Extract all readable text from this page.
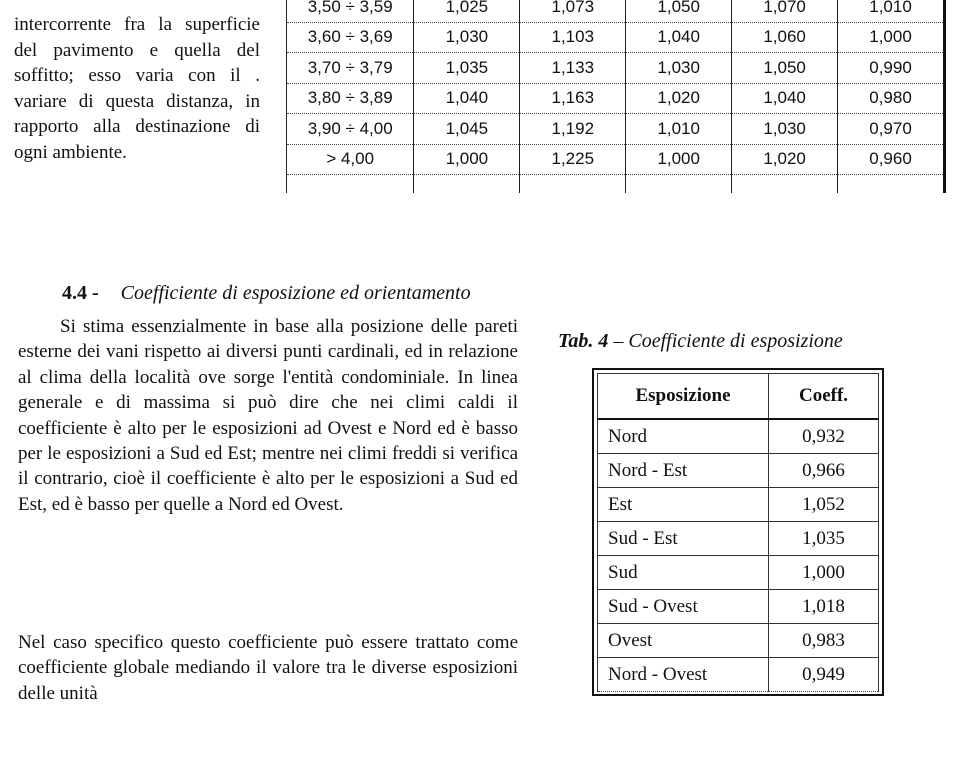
intercorrente fra la superficie del pavimento e quella del soffitto; esso varia con il . variare di questa distanza, in rapporto alla destinazione di ogni ambiente.

3,50 ÷ 3,59	1,025	1,073	1,050	1,070	1,010
3,60 ÷ 3,69	1,030	1,103	1,040	1,060	1,000
3,70 ÷ 3,79	1,035	1,133	1,030	1,050	0,990
3,80 ÷ 3,89	1,040	1,163	1,020	1,040	0,980
3,90 ÷ 4,00	1,045	1,192	1,010	1,030	0,970
> 4,00	1,000	1,225	1,000	1,020	0,960

4.4 - Coefficiente di esposizione ed orientamento

Si stima essenzialmente in base alla posizione delle pareti esterne dei vani rispetto ai diversi punti cardinali, ed in relazione al clima della località ove sorge l'entità condominiale. In linea generale e di massima si può dire che nei climi caldi il coefficiente è alto per le esposizioni ad Ovest e Nord ed è basso per le esposizioni a Sud ed Est; mentre nei climi freddi si verifica il contrario, cioè il coefficiente è alto per le esposizioni a Sud ed Est, ed è basso per quelle a Nord ed Ovest.

Nel caso specifico questo coefficiente può essere trattato come coefficiente globale mediando il valore tra le diverse esposizioni delle unità

Tab. 4 – Coefficiente di esposizione
Esposizione	Coeff.
Nord	0,932
Nord - Est	0,966
Est	1,052
Sud - Est	1,035
Sud	1,000
Sud - Ovest	1,018
Ovest	0,983
Nord - Ovest	0,949
